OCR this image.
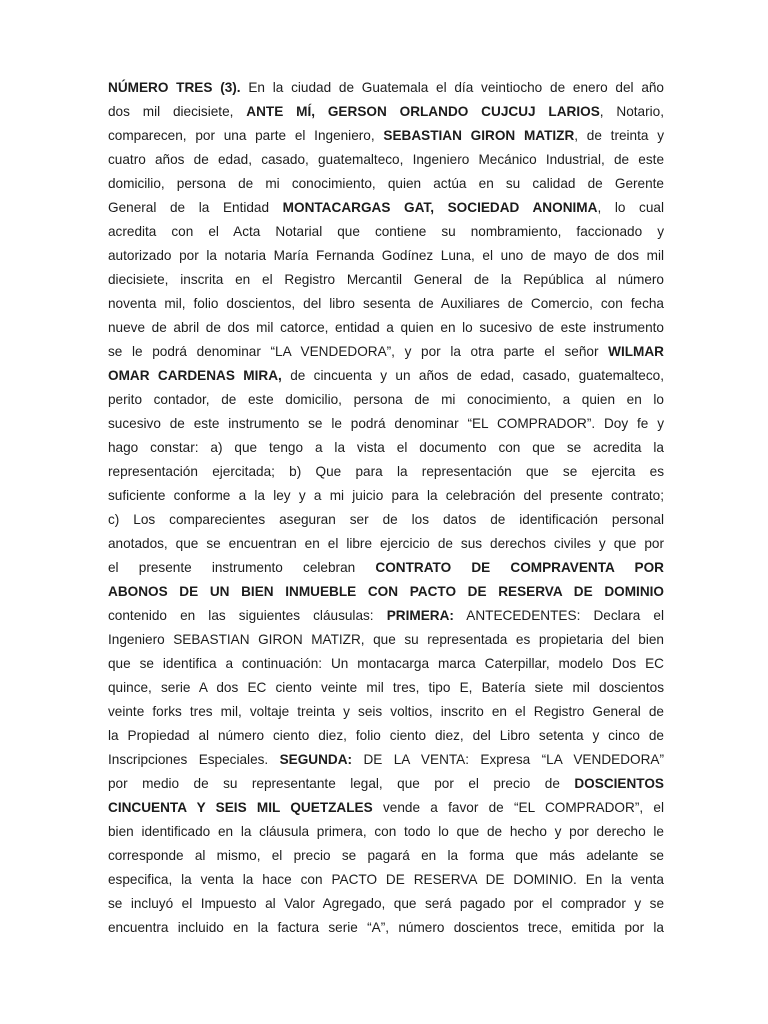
NÚMERO TRES (3). En la ciudad de Guatemala el día veintiocho de enero del año
dos mil diecisiete, ANTE MÍ, GERSON ORLANDO CUJCUJ LARIOS, Notario,
comparecen, por una parte el Ingeniero, SEBASTIAN GIRON MATIZR, de treinta y
cuatro años de edad, casado, guatemalteco, Ingeniero Mecánico Industrial, de este
domicilio, persona de mi conocimiento, quien actúa en su calidad de Gerente
General de la Entidad MONTACARGAS GAT, SOCIEDAD ANONIMA, lo cual
acredita con el Acta Notarial que contiene su nombramiento, faccionado y
autorizado por la notaria María Fernanda Godínez Luna, el uno de mayo de dos mil
diecisiete, inscrita en el Registro Mercantil General de la República al número
noventa mil, folio doscientos, del libro sesenta de Auxiliares de Comercio, con fecha
nueve de abril de dos mil catorce, entidad a quien en lo sucesivo de este instrumento
se le podrá denominar “LA VENDEDORA”, y por la otra parte el señor WILMAR
OMAR CARDENAS MIRA, de cincuenta y un años de edad, casado, guatemalteco,
perito contador, de este domicilio, persona de mi conocimiento, a quien en lo
sucesivo de este instrumento se le podrá denominar “EL COMPRADOR”. Doy fe y
hago constar: a) que tengo a la vista el documento con que se acredita la
representación ejercitada; b) Que para la representación que se ejercita es
suficiente conforme a la ley y a mi juicio para la celebración del presente contrato;
c) Los comparecientes aseguran ser de los datos de identificación personal
anotados, que se encuentran en el libre ejercicio de sus derechos civiles y que por
el presente instrumento celebran CONTRATO DE COMPRAVENTA POR
ABONOS DE UN BIEN INMUEBLE CON PACTO DE RESERVA DE DOMINIO
contenido en las siguientes cláusulas: PRIMERA: ANTECEDENTES: Declara el
Ingeniero SEBASTIAN GIRON MATIZR, que su representada es propietaria del bien
que se identifica a continuación: Un montacarga marca Caterpillar, modelo Dos EC
quince, serie A dos EC ciento veinte mil tres, tipo E, Batería siete mil doscientos
veinte forks tres mil, voltaje treinta y seis voltios, inscrito en el Registro General de
la Propiedad al número ciento diez, folio ciento diez, del Libro setenta y cinco de
Inscripciones Especiales. SEGUNDA: DE LA VENTA: Expresa “LA VENDEDORA”
por medio de su representante legal, que por el precio de DOSCIENTOS
CINCUENTA Y SEIS MIL QUETZALES vende a favor de “EL COMPRADOR”, el
bien identificado en la cláusula primera, con todo lo que de hecho y por derecho le
corresponde al mismo, el precio se pagará en la forma que más adelante se
especifica, la venta la hace con PACTO DE RESERVA DE DOMINIO. En la venta
se incluyó el Impuesto al Valor Agregado, que será pagado por el comprador y se
encuentra incluido en la factura serie “A”, número doscientos trece, emitida por la
